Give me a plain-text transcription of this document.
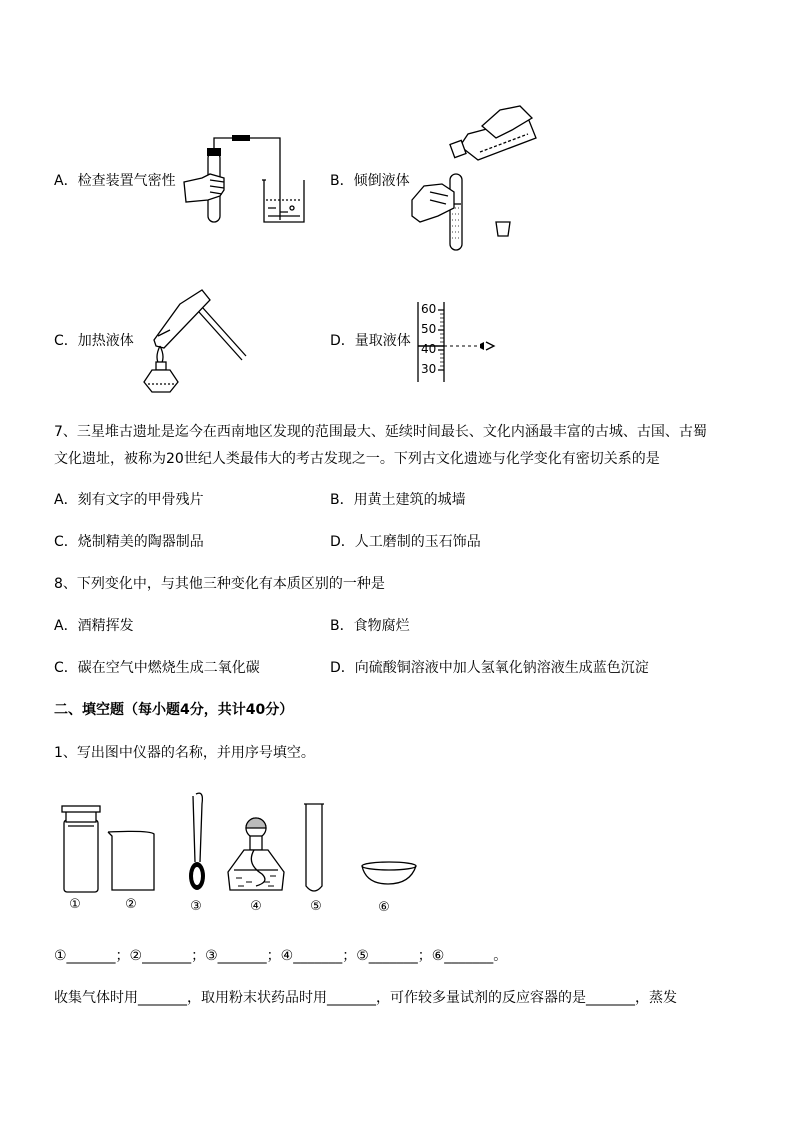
A．检查装置气密性	B．倾倒液体
C．加热液体	D．量取液体
60
50
40
30
7、三星堆古遗址是迄今在西南地区发现的范围最大、延续时间最长、文化内涵最丰富的古城、古国、古蜀
文化遗址，被称为20世纪人类最伟大的考古发现之一。下列古文化遗迹与化学变化有密切关系的是
A．刻有文字的甲骨残片	B．用黄土建筑的城墙
C．烧制精美的陶器制品	D．人工磨制的玉石饰品
8、下列变化中，与其他三种变化有本质区别的一种是
A．酒精挥发	B．食物腐烂
C．碳在空气中燃烧生成二氧化碳	D．向硫酸铜溶液中加人氢氧化钠溶液生成蓝色沉淀
二、填空题（每小题4分，共计40分）
1、写出图中仪器的名称，并用序号填空。
①	②	③	④	⑤	⑥
①_______；②_______；③_______；④_______；⑤_______；⑥_______。
收集气体时用_______，取用粉末状药品时用_______，可作较多量试剂的反应容器的是_______，蒸发
